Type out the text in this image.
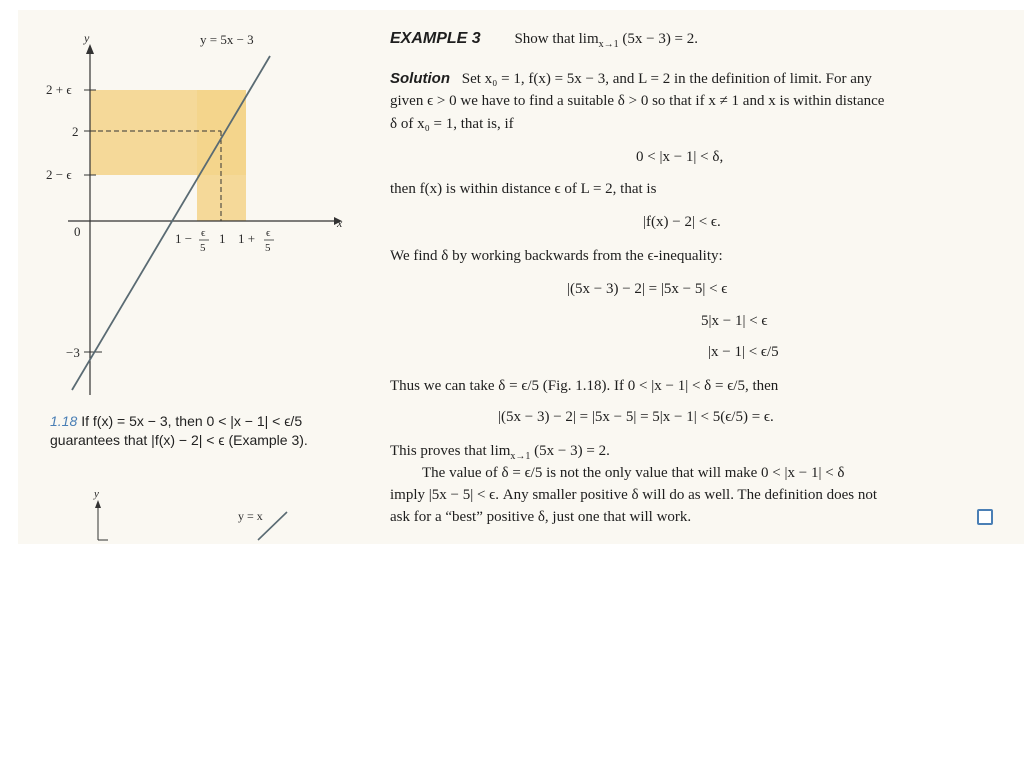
y
x
y = 5x − 3
2 + ϵ
2
2 − ϵ
0
−3
1 − ϵ
5
1 1 + ϵ
5
y
y = x
1.18 If f(x) = 5x − 3, then 0 < |x − 1| < ϵ/5
guarantees that |f(x) − 2| < ϵ (Example 3).
EXAMPLE 3 Show that $\lim_{x\to 1} (5x - 3) = 2$.
Solution Set x₀ = 1, f(x) = 5x − 3, and L = 2 in the definition of limit. For any
given ϵ > 0 we have to find a suitable δ > 0 so that if x ≠ 1 and x is within distance
δ of x₀ = 1, that is, if
0 < |x − 1| < δ,
then f(x) is within distance ϵ of L = 2, that is
|f(x) − 2| < ϵ.
We find δ by working backwards from the ϵ-inequality:
|(5x − 3) − 2| = |5x − 5| < ϵ
5|x − 1| < ϵ
|x − 1| < ϵ/5
Thus we can take δ = ϵ/5 (Fig. 1.18). If 0 < |x − 1| < δ = ϵ/5, then
|(5x − 3) − 2| = |5x − 5| = 5|x − 1| < 5(ϵ/5) = ϵ.
This proves that $\lim_{x\to 1} (5x - 3) = 2$.
The value of δ = ϵ/5 is not the only value that will make 0 < |x − 1| < δ
imply |5x − 5| < ϵ. Any smaller positive δ will do as well. The definition does not
ask for a “best” positive δ, just one that will work.
